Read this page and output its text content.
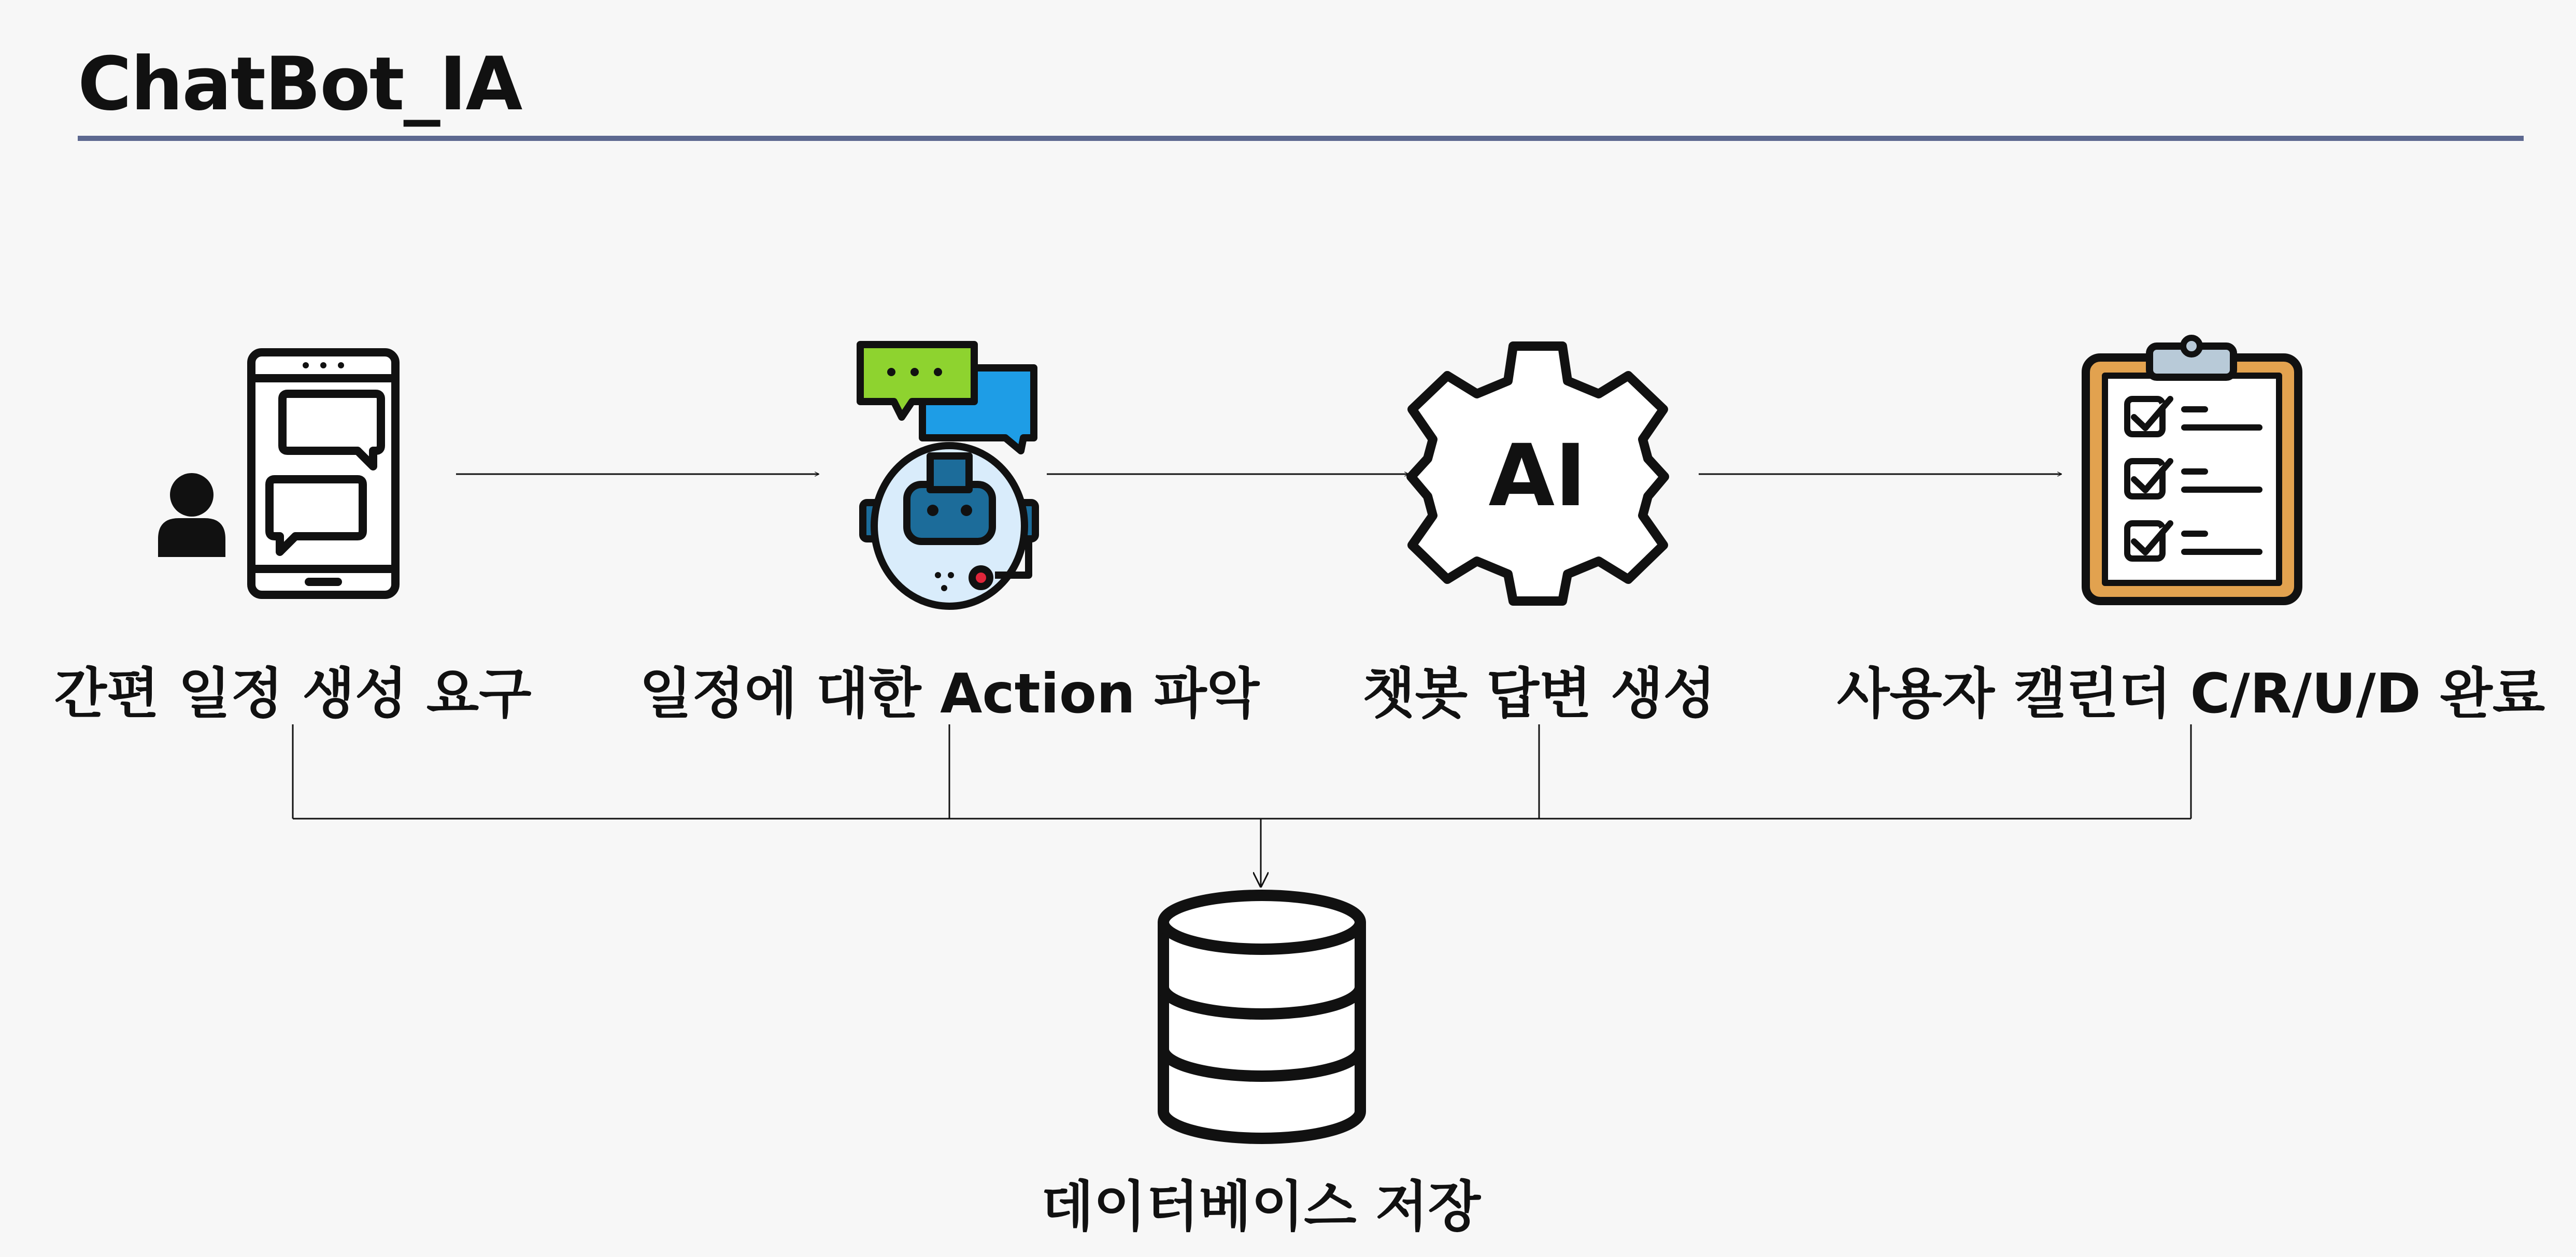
ChatBot_IA
AI
간편 일정 생성 요구 일정에 대한 Action 파악 챗봇 답변 생성 사용자 캘린더 C/R/U/D 완료
데이터베이스 저장
